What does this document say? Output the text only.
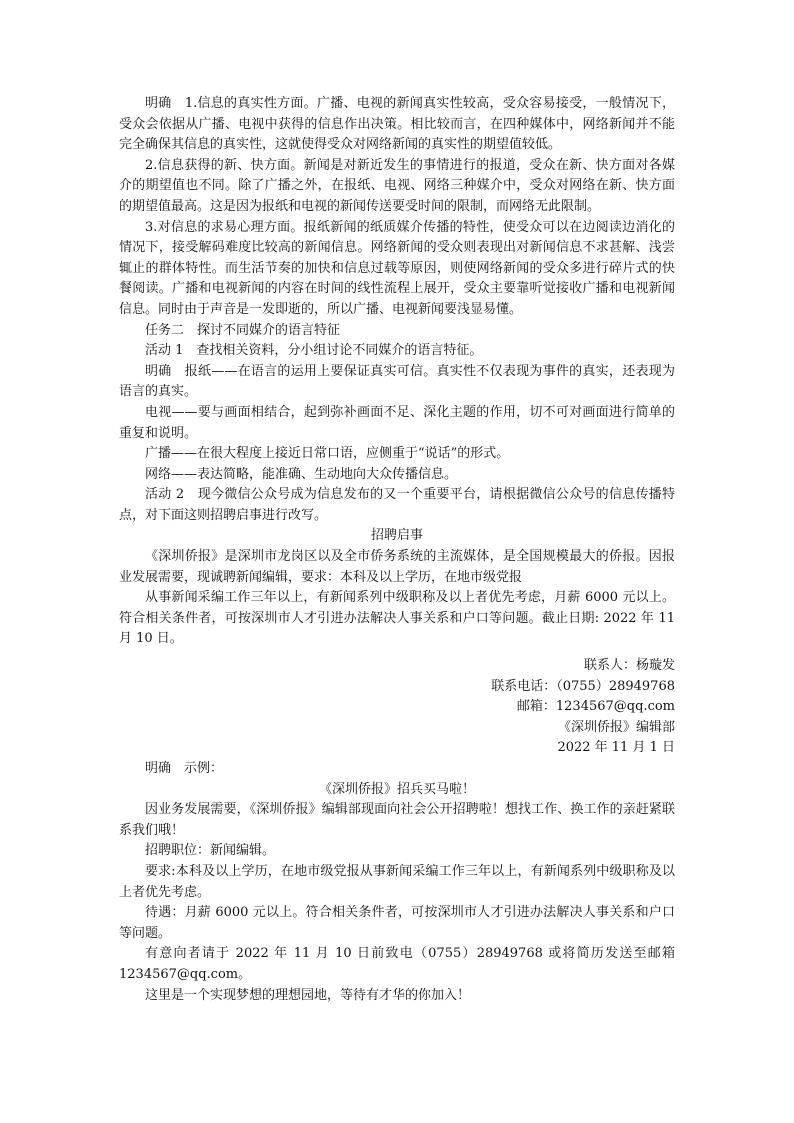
明确　1.信息的真实性方面。广播、电视的新闻真实性较高，受众容易接受，一般情况下，受众会依据从广播、电视中获得的信息作出决策。相比较而言，在四种媒体中，网络新闻并不能完全确保其信息的真实性，这就使得受众对网络新闻的真实性的期望值较低。

2.信息获得的新、快方面。新闻是对新近发生的事情进行的报道，受众在新、快方面对各媒介的期望值也不同。除了广播之外，在报纸、电视、网络三种媒介中，受众对网络在新、快方面的期望值最高。这是因为报纸和电视的新闻传送要受时间的限制，而网络无此限制。

3.对信息的求易心理方面。报纸新闻的纸质媒介传播的特性，使受众可以在边阅读边消化的情况下，接受解码难度比较高的新闻信息。网络新闻的受众则表现出对新闻信息不求甚解、浅尝辄止的群体特性。而生活节奏的加快和信息过载等原因，则使网络新闻的受众多进行碎片式的快餐阅读。广播和电视新闻的内容在时间的线性流程上展开，受众主要靠听觉接收广播和电视新闻信息。同时由于声音是一发即逝的，所以广播、电视新闻要浅显易懂。

任务二　探讨不同媒介的语言特征

活动 1　查找相关资料，分小组讨论不同媒介的语言特征。

明确　报纸——在语言的运用上要保证真实可信。真实性不仅表现为事件的真实，还表现为语言的真实。

电视——要与画面相结合，起到弥补画面不足、深化主题的作用，切不可对画面进行简单的重复和说明。

广播——在很大程度上接近日常口语，应侧重于“说话”的形式。

网络——表达简略，能准确、生动地向大众传播信息。

活动 2　现今微信公众号成为信息发布的又一个重要平台，请根据微信公众号的信息传播特点，对下面这则招聘启事进行改写。

招聘启事

《深圳侨报》是深圳市龙岗区以及全市侨务系统的主流媒体，是全国规模最大的侨报。因报业发展需要，现诚聘新闻编辑，要求：本科及以上学历，在地市级党报

从事新闻采编工作三年以上，有新闻系列中级职称及以上者优先考虑，月薪 6000 元以上。符合相关条件者，可按深圳市人才引进办法解决人事关系和户口等问题。截止日期: 2022 年 11 月 10 日。

联系人：杨璇发

联系电话：（0755）28949768

邮箱：1234567@qq.com

《深圳侨报》编辑部

2022 年 11 月 1 日

明确　示例：

《深圳侨报》招兵买马啦！

因业务发展需要，《深圳侨报》编辑部现面向社会公开招聘啦！想找工作、换工作的亲赶紧联系我们哦！

招聘职位：新闻编辑。

要求:本科及以上学历，在地市级党报从事新闻采编工作三年以上，有新闻系列中级职称及以上者优先考虑。

待遇：月薪 6000 元以上。符合相关条件者，可按深圳市人才引进办法解决人事关系和户口等问题。

有意向者请于 2022 年 11 月 10 日前致电（0755）28949768 或将简历发送至邮箱 1234567@qq.com。

这里是一个实现梦想的理想园地，等待有才华的你加入！
